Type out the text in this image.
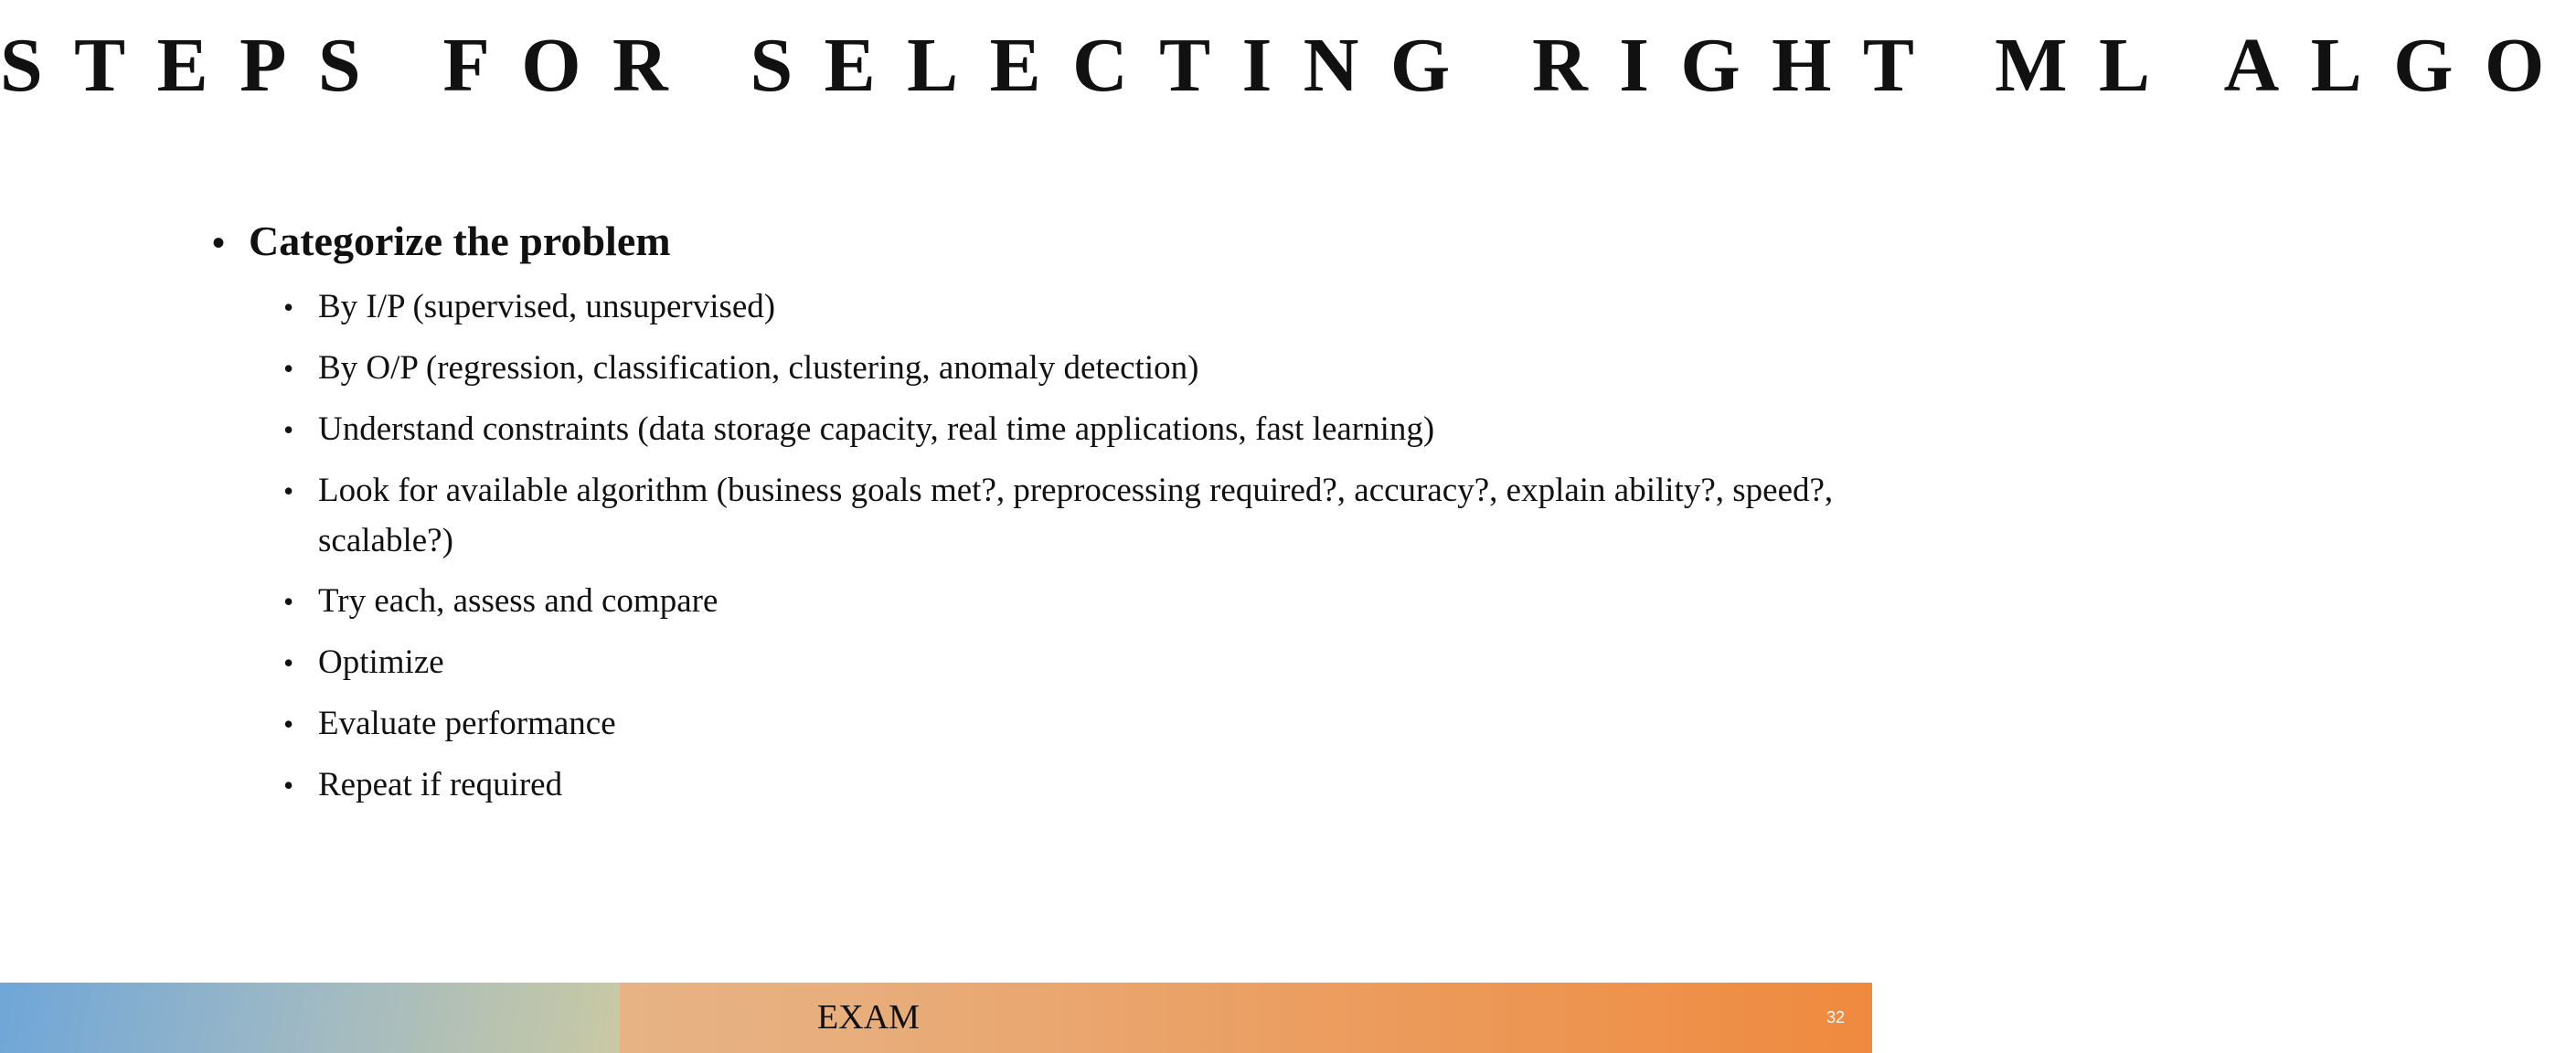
STEPS FOR SELECTING RIGHT ML ALGO
• Categorize the problem
• By I/P (supervised, unsupervised)
• By O/P (regression, classification, clustering, anomaly detection)
• Understand constraints (data storage capacity, real time applications, fast learning)
• Look for available algorithm (business goals met?, preprocessing required?, accuracy?, explain ability?, speed?, scalable?)
• Try each, assess and compare
• Optimize
• Evaluate performance
• Repeat if required
EXAM	32
